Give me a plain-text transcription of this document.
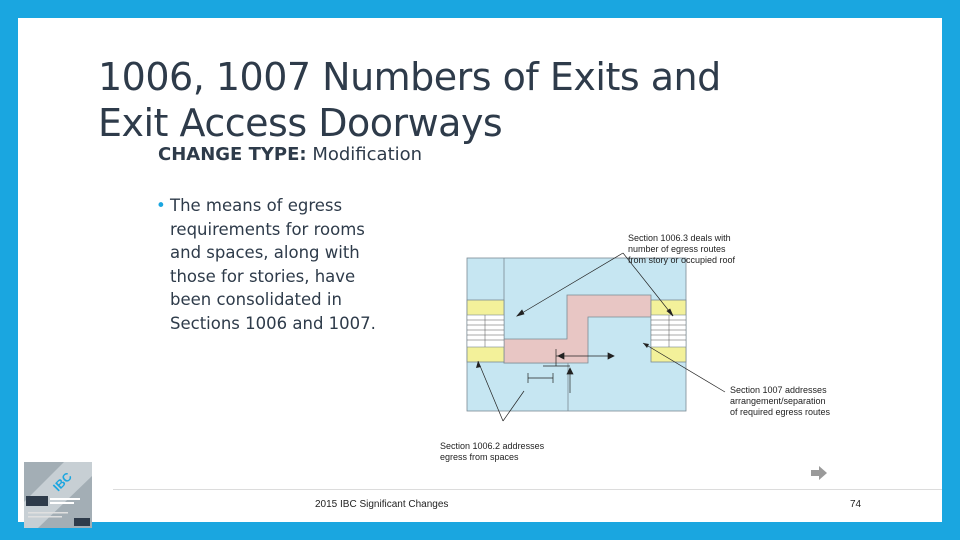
1006, 1007 Numbers of Exits and
Exit Access Doorways
CHANGE TYPE: Modification
• The means of egress requirements for rooms and spaces, along with those for stories, have been consolidated in Sections 1006 and 1007.
Section 1006.3 deals with
number of egress routes
from story or occupied roof
Section 1007 addresses
arrangement/separation
of required egress routes
Section 1006.2 addresses
egress from spaces
2015 IBC Significant Changes	74
IBC
